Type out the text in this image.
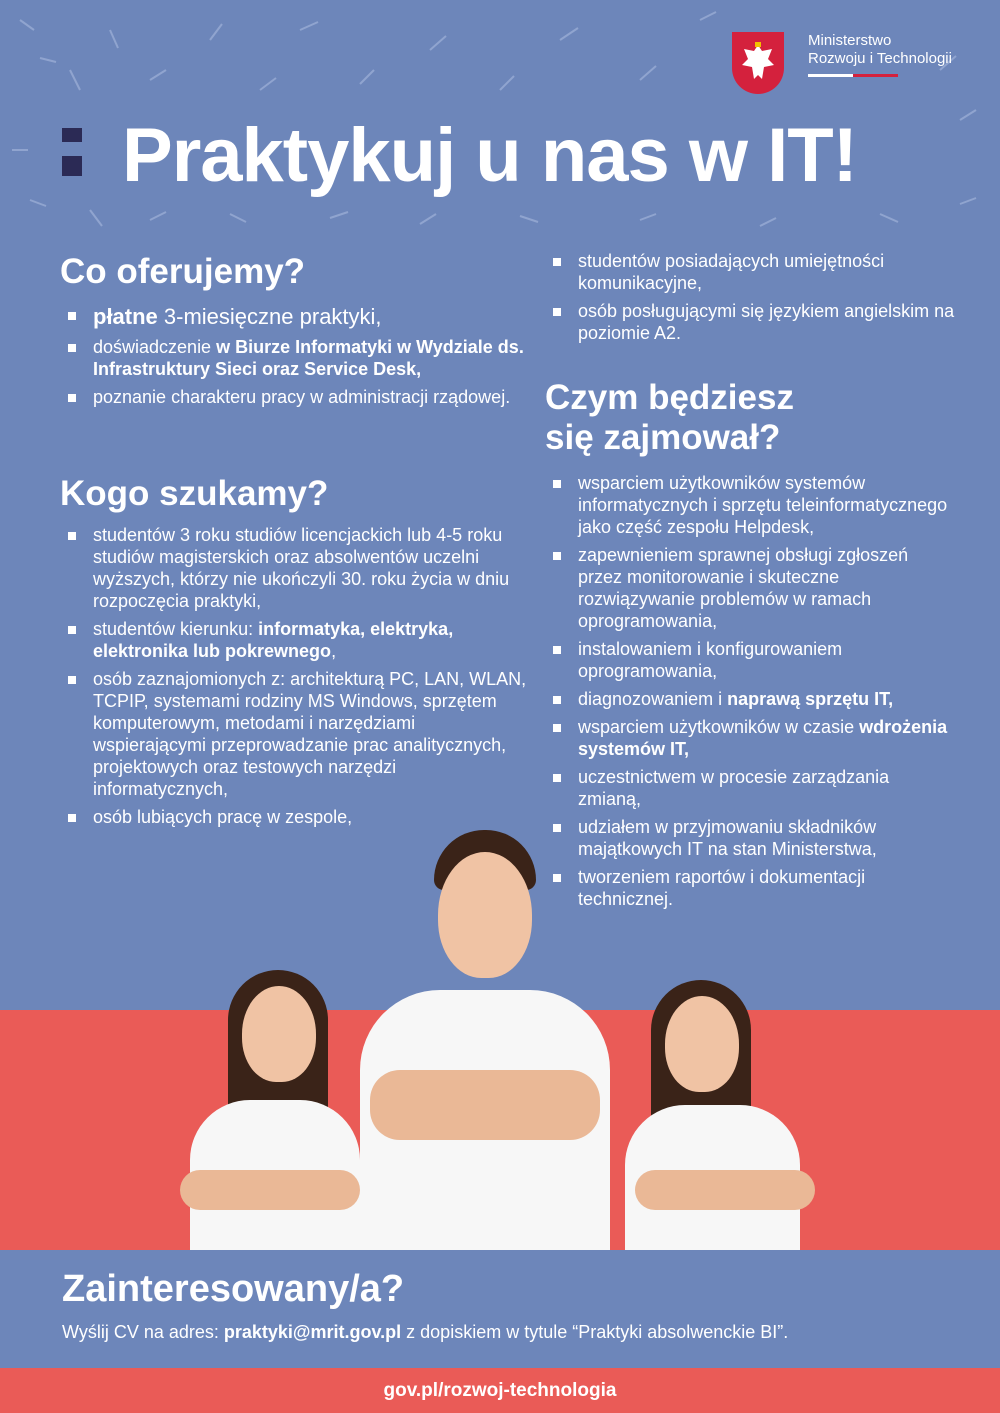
Ministerstwo
Rozwoju i Technologii
Praktykuj u nas w IT!
Co oferujemy?
płatne 3-miesięczne praktyki,
doświadczenie w Biurze Informatyki w Wydziale ds. Infrastruktury Sieci oraz Service Desk,
poznanie charakteru pracy w administracji rządowej.
Kogo szukamy?
studentów 3 roku studiów licencjackich lub 4-5 roku studiów magisterskich oraz absolwentów uczelni wyższych, którzy nie ukończyli 30. roku życia w dniu rozpoczęcia praktyki,
studentów kierunku: informatyka, elektryka, elektronika lub pokrewnego,
osób zaznajomionych z: architekturą PC, LAN, WLAN, TCPIP, systemami rodziny MS Windows, sprzętem komputerowym, metodami i narzędziami wspierającymi przeprowadzanie prac analitycznych, projektowych oraz testowych narzędzi informatycznych,
osób lubiących pracę w zespole,
studentów posiadających umiejętności komunikacyjne,
osób posługującymi się językiem angielskim na poziomie A2.
Czym będziesz
się zajmował?
wsparciem użytkowników systemów informatycznych i sprzętu teleinformatycznego jako część zespołu Helpdesk,
zapewnieniem sprawnej obsługi zgłoszeń przez monitorowanie i skuteczne rozwiązywanie problemów w ramach oprogramowania,
instalowaniem i konfigurowaniem oprogramowania,
diagnozowaniem i naprawą sprzętu IT,
wsparciem użytkowników w czasie wdrożenia systemów IT,
uczestnictwem w procesie zarządzania zmianą,
udziałem w przyjmowaniu składników majątkowych IT na stan Ministerstwa,
tworzeniem raportów i dokumentacji technicznej.
Zainteresowany/a?
Wyślij CV na adres: praktyki@mrit.gov.pl z dopiskiem w tytule “Praktyki absolwenckie BI”.
gov.pl/rozwoj-technologia
